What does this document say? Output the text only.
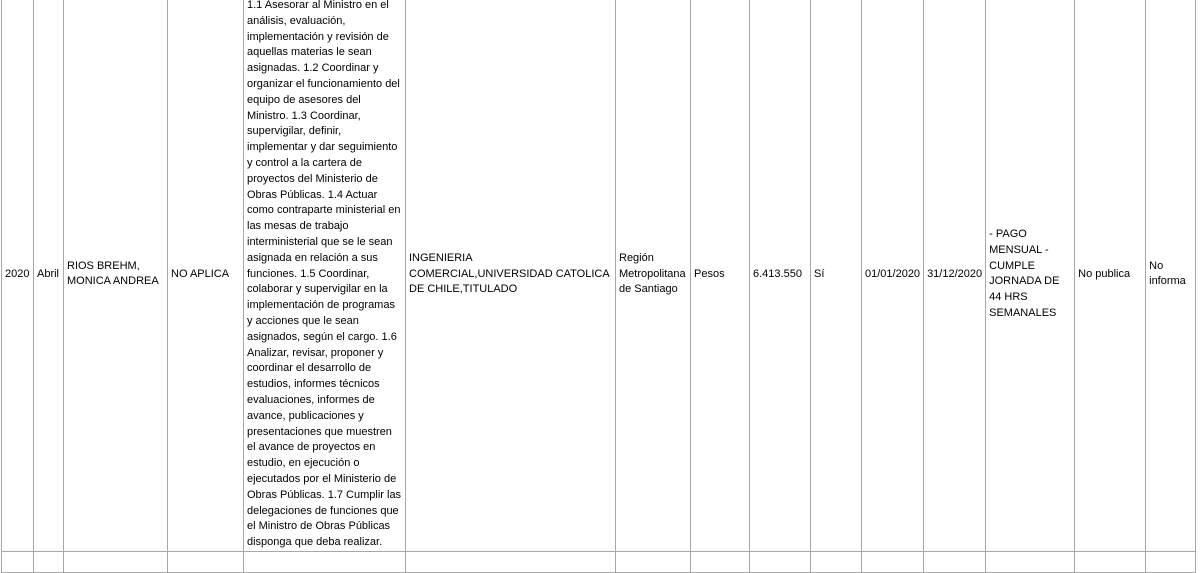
2020	Abril	RIOS BREHM, MONICA ANDREA	NO APLICA	1.1 Asesorar al Ministro en el análisis, evaluación, implementación y revisión de aquellas materias le sean asignadas. 1.2 Coordinar y organizar el funcionamiento del equipo de asesores del Ministro. 1.3 Coordinar, supervigilar, definir, implementar y dar seguimiento y control a la cartera de proyectos del Ministerio de Obras Públicas. 1.4 Actuar como contraparte ministerial en las mesas de trabajo interministerial que se le sean asignada en relación a sus funciones. 1.5 Coordinar, colaborar y supervigilar en la implementación de programas y acciones que le sean asignados, según el cargo. 1.6 Analizar, revisar, proponer y coordinar el desarrollo de estudios, informes técnicos evaluaciones, informes de avance, publicaciones y presentaciones que muestren el avance de proyectos en estudio, en ejecución o ejecutados por el Ministerio de Obras Públicas. 1.7 Cumplir las delegaciones de funciones que el Ministro de Obras Públicas disponga que deba realizar.	INGENIERIA COMERCIAL,UNIVERSIDAD CATOLICA DE CHILE,TITULADO	Región Metropolitana de Santiago	Pesos	6.413.550	Sí	01/01/2020	31/12/2020	- PAGO MENSUAL - CUMPLE JORNADA DE 44 HRS SEMANALES	No publica	No informa
